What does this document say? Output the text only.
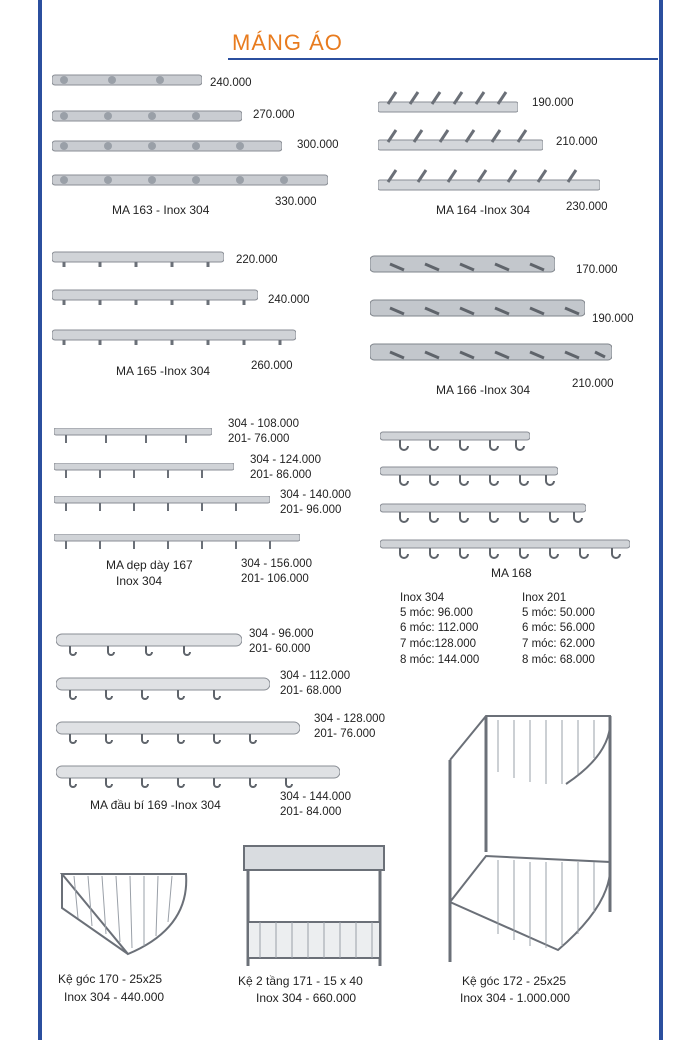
MÁNG ÁO
240.000
270.000
300.000
330.000
MA 163 - Inox 304
190.000
210.000
230.000
MA 164 -Inox 304
220.000
240.000
260.000
MA 165 -Inox 304
170.000
190.000
210.000
MA 166 -Inox 304
304 - 108.000
201- 76.000
304 - 124.000
201- 86.000
304 - 140.000
201- 96.000
304 - 156.000
201- 106.000
MA dẹp dày 167
Inox 304
MA 168
Inox 304
5 móc: 96.000
6 móc: 112.000
7 móc:128.000
8 móc: 144.000
Inox 201
5 móc: 50.000
6 móc: 56.000
7 móc: 62.000
8 móc: 68.000
304 - 96.000
201- 60.000
304 - 112.000
201- 68.000
304 - 128.000
201- 76.000
304 - 144.000
201- 84.000
MA đầu bí 169 -Inox 304
Kệ góc 170 - 25x25
Inox 304 - 440.000
Kệ 2 tầng 171 - 15 x 40
Inox 304 - 660.000
Kệ góc 172 - 25x25
Inox 304 - 1.000.000
